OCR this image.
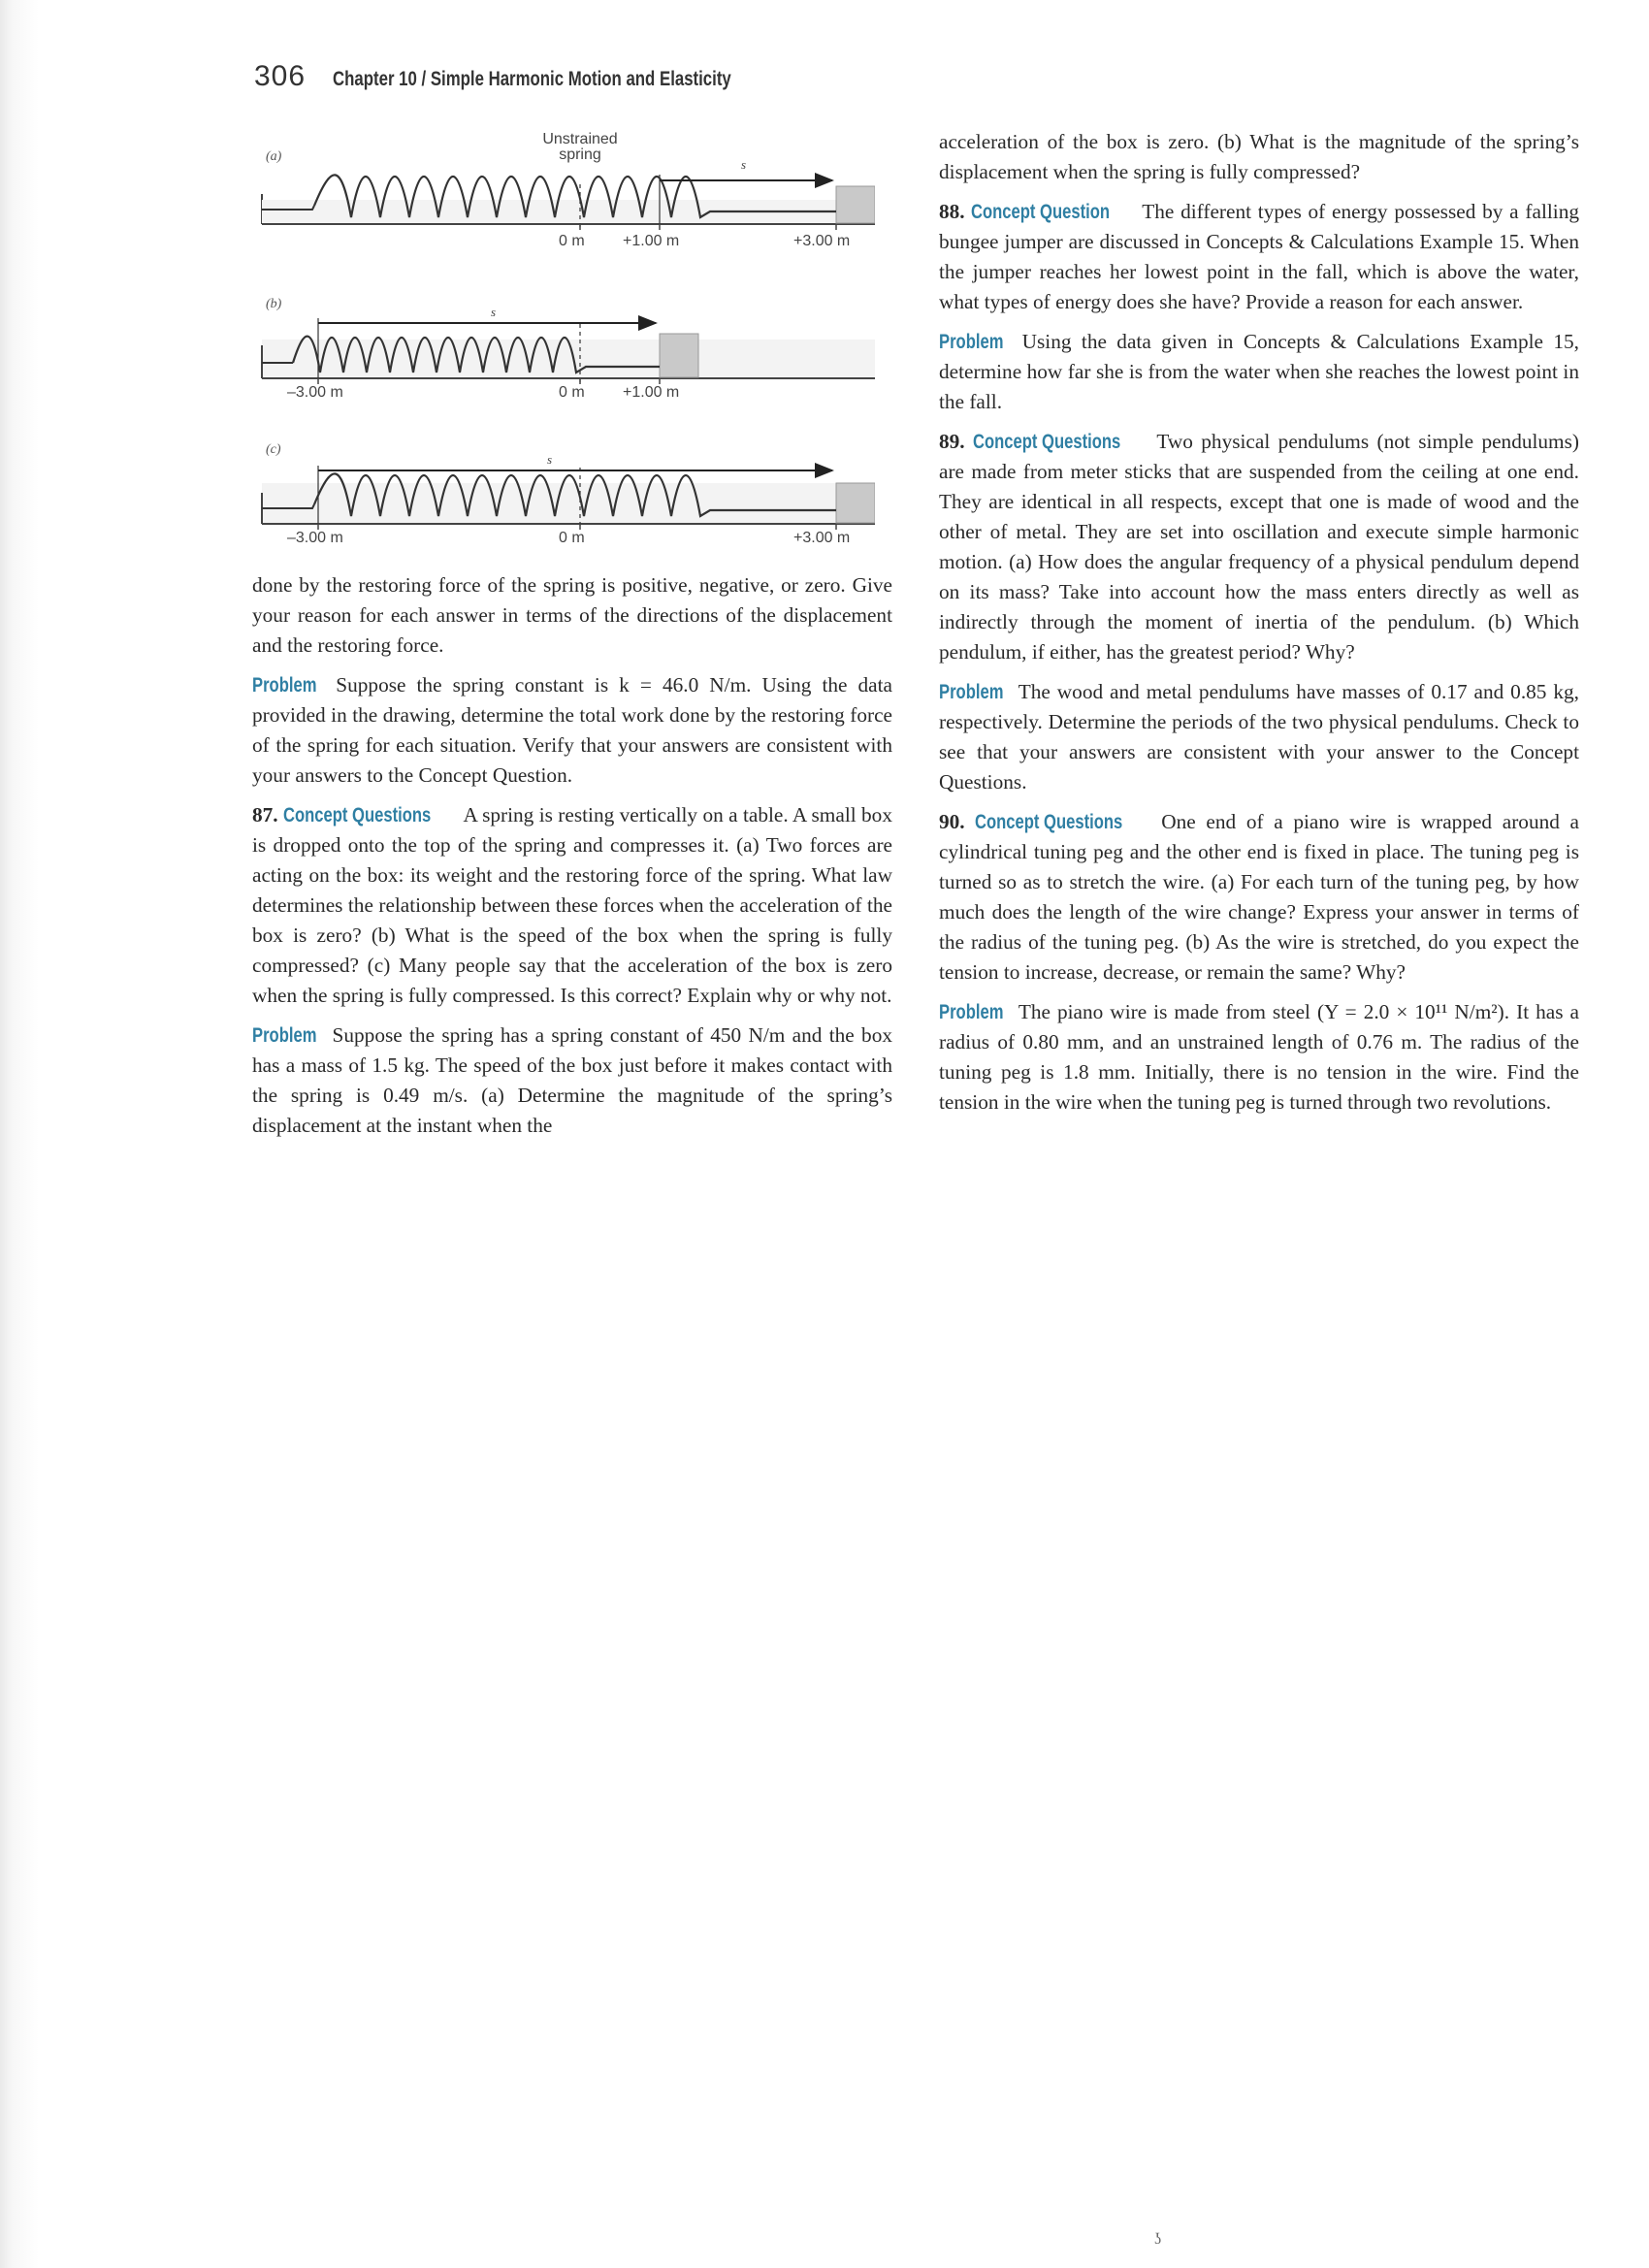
306 Chapter 10 / Simple Harmonic Motion and Elasticity
Unstrained
spring
(a)
s
0 m +1.00 m	+3.00 m
(b)
s
–3.00 m	0 m +1.00 m
(c)
s
–3.00 m	0 m	+3.00 m

done by the restoring force of the spring is positive, negative, or zero. Give your reason for each answer in terms of the directions of the displacement and the restoring force.

Problem Suppose the spring constant is k = 46.0 N/m. Using the data provided in the drawing, determine the total work done by the restoring force of the spring for each situation. Verify that your answers are consistent with your answers to the Concept Question.

87. Concept Questions A spring is resting vertically on a table. A small box is dropped onto the top of the spring and compresses it. (a) Two forces are acting on the box: its weight and the restoring force of the spring. What law determines the relationship between these forces when the acceleration of the box is zero? (b) What is the speed of the box when the spring is fully compressed? (c) Many people say that the acceleration of the box is zero when the spring is fully compressed. Is this correct? Explain why or why not.

Problem Suppose the spring has a spring constant of 450 N/m and the box has a mass of 1.5 kg. The speed of the box just before it makes contact with the spring is 0.49 m/s. (a) Determine the magnitude of the spring’s displacement at the instant when the

acceleration of the box is zero. (b) What is the magnitude of the spring’s displacement when the spring is fully compressed?

88. Concept Question The different types of energy possessed by a falling bungee jumper are discussed in Concepts & Calculations Example 15. When the jumper reaches her lowest point in the fall, which is above the water, what types of energy does she have? Provide a reason for each answer.

Problem Using the data given in Concepts & Calculations Example 15, determine how far she is from the water when she reaches the lowest point in the fall.

89. Concept Questions Two physical pendulums (not simple pendulums) are made from meter sticks that are suspended from the ceiling at one end. They are identical in all respects, except that one is made of wood and the other of metal. They are set into oscillation and execute simple harmonic motion. (a) How does the angular frequency of a physical pendulum depend on its mass? Take into account how the mass enters directly as well as indirectly through the moment of inertia of the pendulum. (b) Which pendulum, if either, has the greatest period? Why?

Problem The wood and metal pendulums have masses of 0.17 and 0.85 kg, respectively. Determine the periods of the two physical pendulums. Check to see that your answers are consistent with your answer to the Concept Questions.

90. Concept Questions One end of a piano wire is wrapped around a cylindrical tuning peg and the other end is fixed in place. The tuning peg is turned so as to stretch the wire. (a) For each turn of the tuning peg, by how much does the length of the wire change? Express your answer in terms of the radius of the tuning peg. (b) As the wire is stretched, do you expect the tension to increase, decrease, or remain the same? Why?

Problem The piano wire is made from steel (Y = 2.0 × 10¹¹ N/m²). It has a radius of 0.80 mm, and an unstrained length of 0.76 m. The radius of the tuning peg is 1.8 mm. Initially, there is no tension in the wire. Find the tension in the wire when the tuning peg is turned through two revolutions.

ʖ
